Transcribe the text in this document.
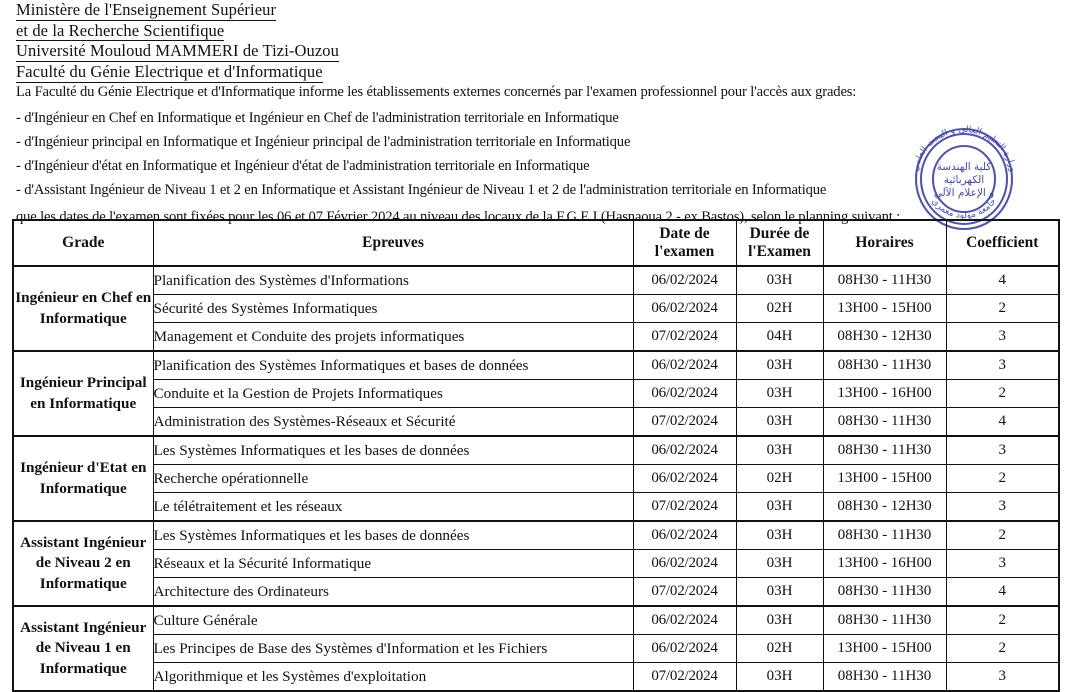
Ministère de l'Enseignement Supérieur
et de la Recherche Scientifique
Université Mouloud MAMMERI de Tizi-Ouzou
Faculté du Génie Electrique et d'Informatique

La Faculté du Génie Electrique et d'Informatique informe les établissements externes concernés par l'examen professionnel pour l'accès aux grades:

- d'Ingénieur en Chef en Informatique et Ingénieur en Chef de l'administration territoriale en Informatique

- d'Ingénieur principal en Informatique et Ingénieur principal de l'administration territoriale en Informatique

- d'Ingénieur d'état en Informatique et Ingénieur d'état de l'administration territoriale en Informatique

- d'Assistant Ingénieur de Niveau 1 et 2 en Informatique et Assistant Ingénieur de Niveau 1 et 2 de l'administration territoriale en Informatique

que les dates de l'examen sont fixées pour les 06 et 07 Février 2024 au niveau des locaux de la F.G.E.I (Hasnaoua 2 - ex Bastos), selon le planning suivant :

وزارة التعليم العالي و البحث العلمي
جامعة مولود معمري
كلية الهندسة
الكهربائية
و الإعلام الآلي
Grade	Epreuves	Date de l'examen	Durée de l'Examen	Horaires	Coefficient
Ingénieur en Chef en Informatique	Planification des Systèmes d'Informations	06/02/2024	03H	08H30 - 11H30	4
	Sécurité des Systèmes Informatiques	06/02/2024	02H	13H00 - 15H00	2
	Management et Conduite des projets informatiques	07/02/2024	04H	08H30 - 12H30	3
Ingénieur Principal en Informatique	Planification des Systèmes Informatiques et bases de données	06/02/2024	03H	08H30 - 11H30	3
	Conduite et la Gestion de Projets Informatiques	06/02/2024	03H	13H00 - 16H00	2
	Administration des Systèmes-Réseaux et Sécurité	07/02/2024	03H	08H30 - 11H30	4
Ingénieur d'Etat en Informatique	Les Systèmes Informatiques et les bases de données	06/02/2024	03H	08H30 - 11H30	3
	Recherche opérationnelle	06/02/2024	02H	13H00 - 15H00	2
	Le télétraitement et les réseaux	07/02/2024	03H	08H30 - 12H30	3
Assistant Ingénieur de Niveau 2 en Informatique	Les Systèmes Informatiques et les bases de données	06/02/2024	03H	08H30 - 11H30	2
	Réseaux et la Sécurité Informatique	06/02/2024	03H	13H00 - 16H00	3
	Architecture des Ordinateurs	07/02/2024	03H	08H30 - 11H30	4
Assistant Ingénieur de Niveau 1 en Informatique	Culture Générale	06/02/2024	03H	08H30 - 11H30	2
	Les Principes de Base des Systèmes d'Information et les Fichiers	06/02/2024	02H	13H00 - 15H00	2
	Algorithmique et les Systèmes d'exploitation	07/02/2024	03H	08H30 - 11H30	3
